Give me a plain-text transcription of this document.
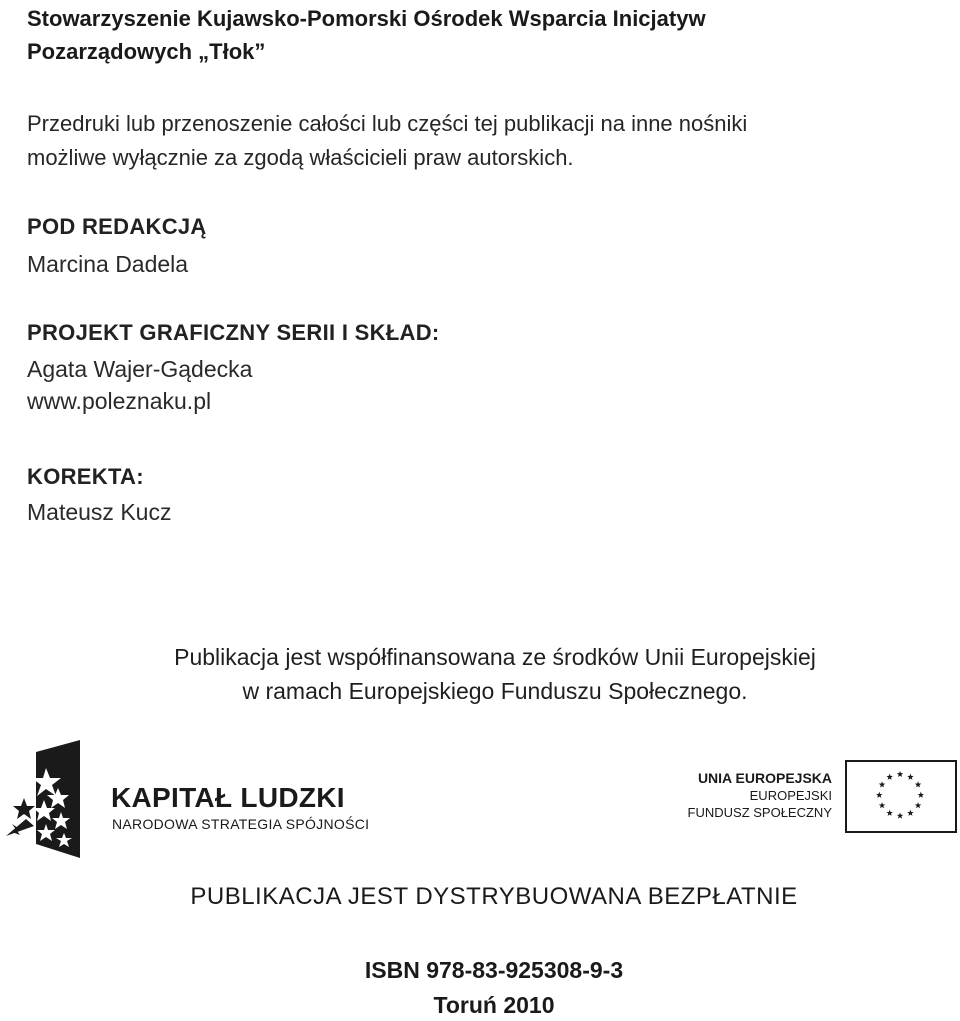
Stowarzyszenie Kujawsko-Pomorski Ośrodek Wsparcia Inicjatyw
Pozarządowych „Tłok”
Przedruki lub przenoszenie całości lub części tej publikacji na inne nośniki
możliwe wyłącznie za zgodą właścicieli praw autorskich.
POD REDAKCJĄ
Marcina Dadela
PROJEKT GRAFICZNY SERII I SKŁAD:
Agata Wajer-Gądecka
www.poleznaku.pl
KOREKTA:
Mateusz Kucz
Publikacja jest współfinansowana ze środków Unii Europejskiej
w ramach Europejskiego Funduszu Społecznego.
KAPITAŁ LUDZKI
NARODOWA STRATEGIA SPÓJNOŚCI
UNIA EUROPEJSKA
EUROPEJSKI
FUNDUSZ SPOŁECZNY
PUBLIKACJA JEST DYSTRYBUOWANA BEZPŁATNIE
ISBN 978-83-925308-9-3
Toruń 2010
